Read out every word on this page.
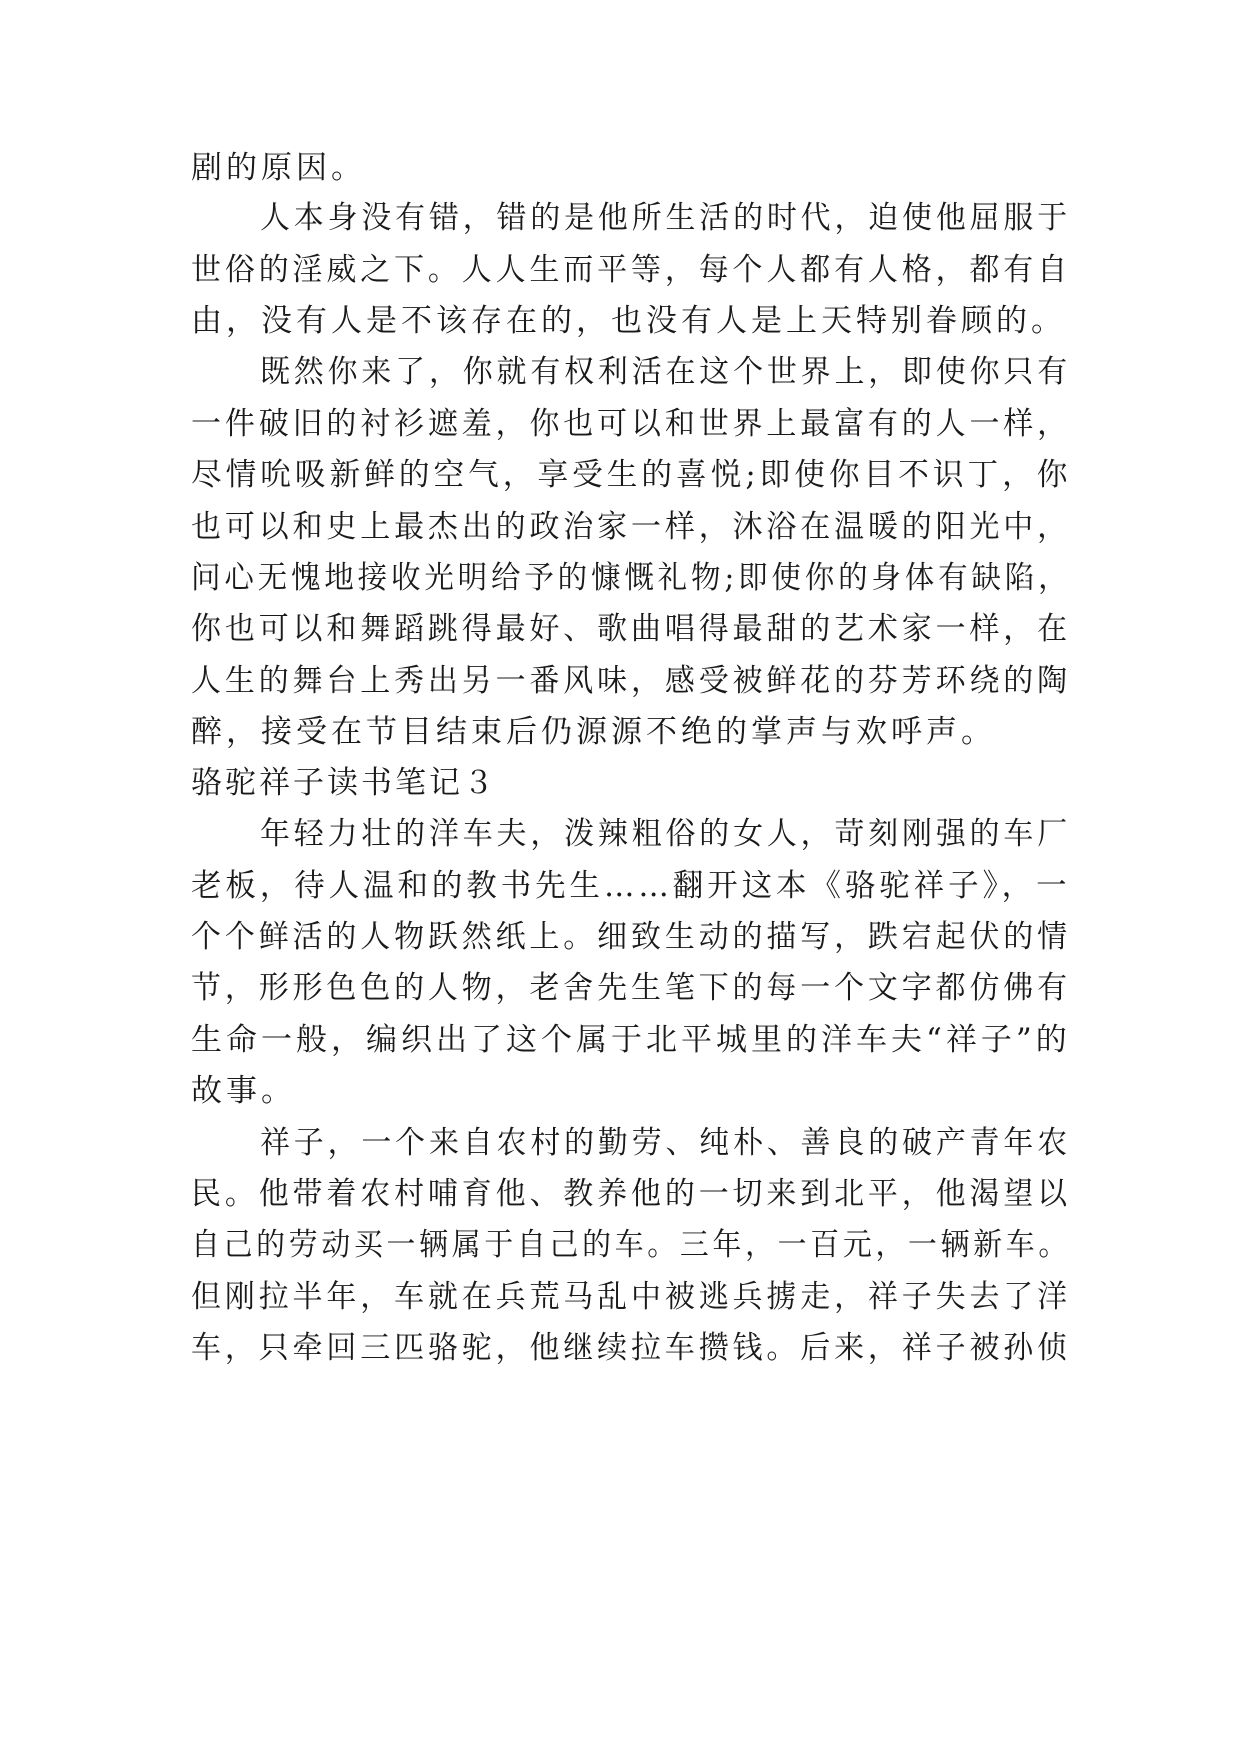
剧的原因。
人本身没有错，错的是他所生活的时代，迫使他屈服于
世俗的淫威之下。人人生而平等，每个人都有人格，都有自
由，没有人是不该存在的，也没有人是上天特别眷顾的。
既然你来了，你就有权利活在这个世界上，即使你只有
一件破旧的衬衫遮羞，你也可以和世界上最富有的人一样，
尽情吮吸新鲜的空气，享受生的喜悦;即使你目不识丁，你
也可以和史上最杰出的政治家一样，沐浴在温暖的阳光中，
问心无愧地接收光明给予的慷慨礼物;即使你的身体有缺陷，
你也可以和舞蹈跳得最好、歌曲唱得最甜的艺术家一样，在
人生的舞台上秀出另一番风味，感受被鲜花的芬芳环绕的陶
醉，接受在节目结束后仍源源不绝的掌声与欢呼声。
骆驼祥子读书笔记３
年轻力壮的洋车夫，泼辣粗俗的女人，苛刻刚强的车厂
老板，待人温和的教书先生……翻开这本《骆驼祥子》，一
个个鲜活的人物跃然纸上。细致生动的描写，跌宕起伏的情
节，形形色色的人物，老舍先生笔下的每一个文字都仿佛有
生命一般，编织出了这个属于北平城里的洋车夫“祥子”的
故事。
祥子，一个来自农村的勤劳、纯朴、善良的破产青年农
民。他带着农村哺育他、教养他的一切来到北平，他渴望以
自己的劳动买一辆属于自己的车。三年，一百元，一辆新车。
但刚拉半年，车就在兵荒马乱中被逃兵掳走，祥子失去了洋
车，只牵回三匹骆驼，他继续拉车攒钱。后来，祥子被孙侦
